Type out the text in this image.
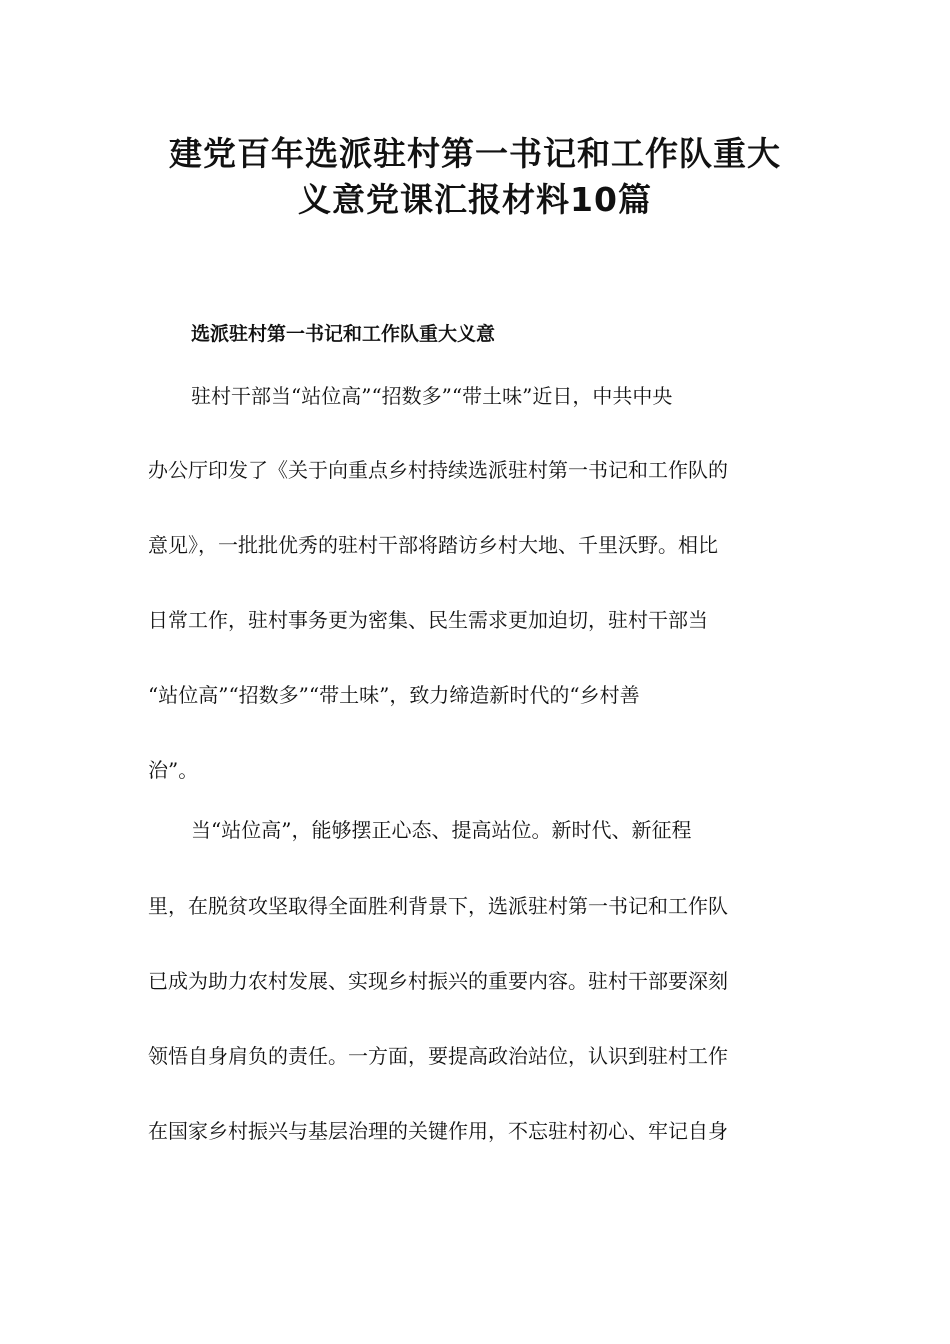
建党百年选派驻村第一书记和工作队重大
义意党课汇报材料10篇
选派驻村第一书记和工作队重大义意
驻村干部当“站位高”“招数多”“带土味”近日，中共中央
办公厅印发了《关于向重点乡村持续选派驻村第一书记和工作队的
意见》，一批批优秀的驻村干部将踏访乡村大地、千里沃野。相比
日常工作，驻村事务更为密集、民生需求更加迫切，驻村干部当
“站位高”“招数多”“带土味”，致力缔造新时代的“乡村善
治”。
当“站位高”，能够摆正心态、提高站位。新时代、新征程
里，在脱贫攻坚取得全面胜利背景下，选派驻村第一书记和工作队
已成为助力农村发展、实现乡村振兴的重要内容。驻村干部要深刻
领悟自身肩负的责任。一方面，要提高政治站位，认识到驻村工作
在国家乡村振兴与基层治理的关键作用，不忘驻村初心、牢记自身
